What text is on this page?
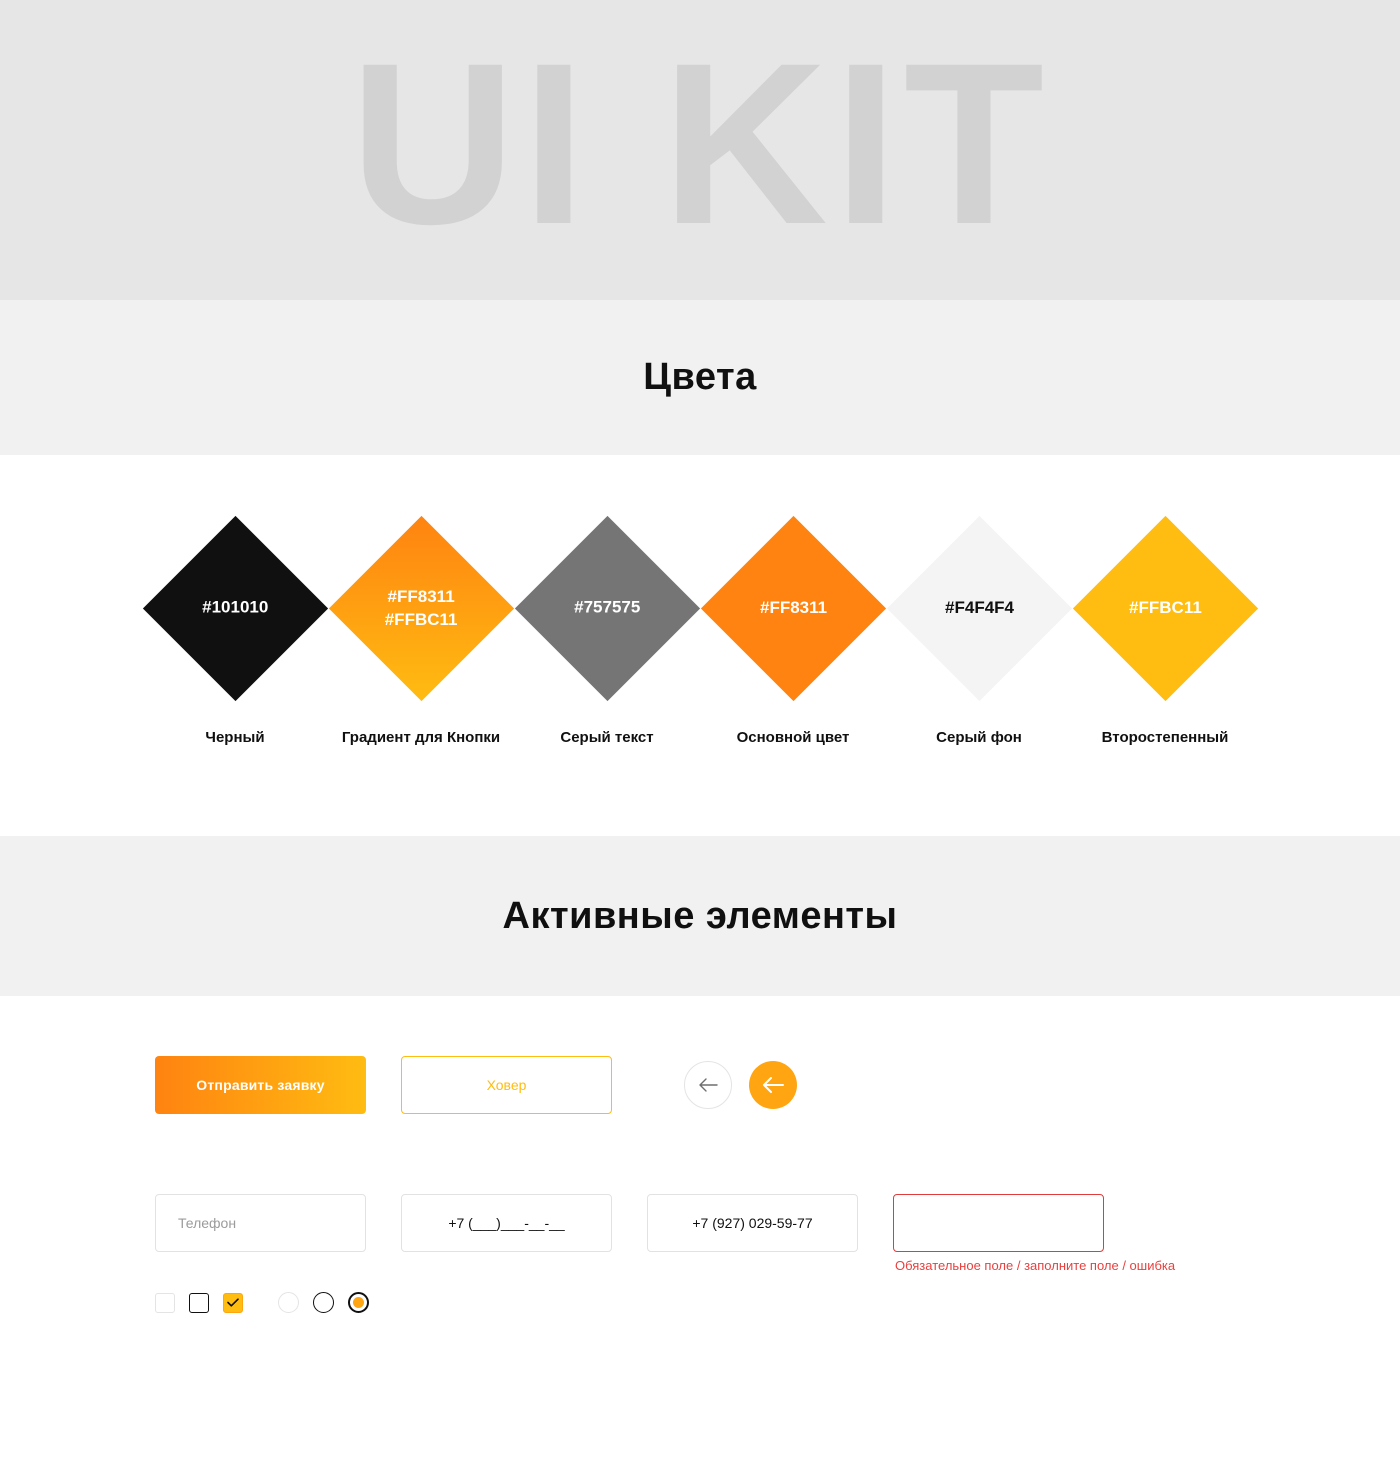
UI KIT
Цвета
#101010
Черный
#FF8311
#FFBC11
Градиент для Кнопки
#757575
Серый текст
#FF8311
Основной цвет
#F4F4F4
Серый фон
#FFBC11
Второстепенный
Активные элементы
Отправить заявку	Ховер
Телефон
+7 (___)___-__-__
+7 (927) 029-59-77
Обязательное поле / заполните поле / ошибка
